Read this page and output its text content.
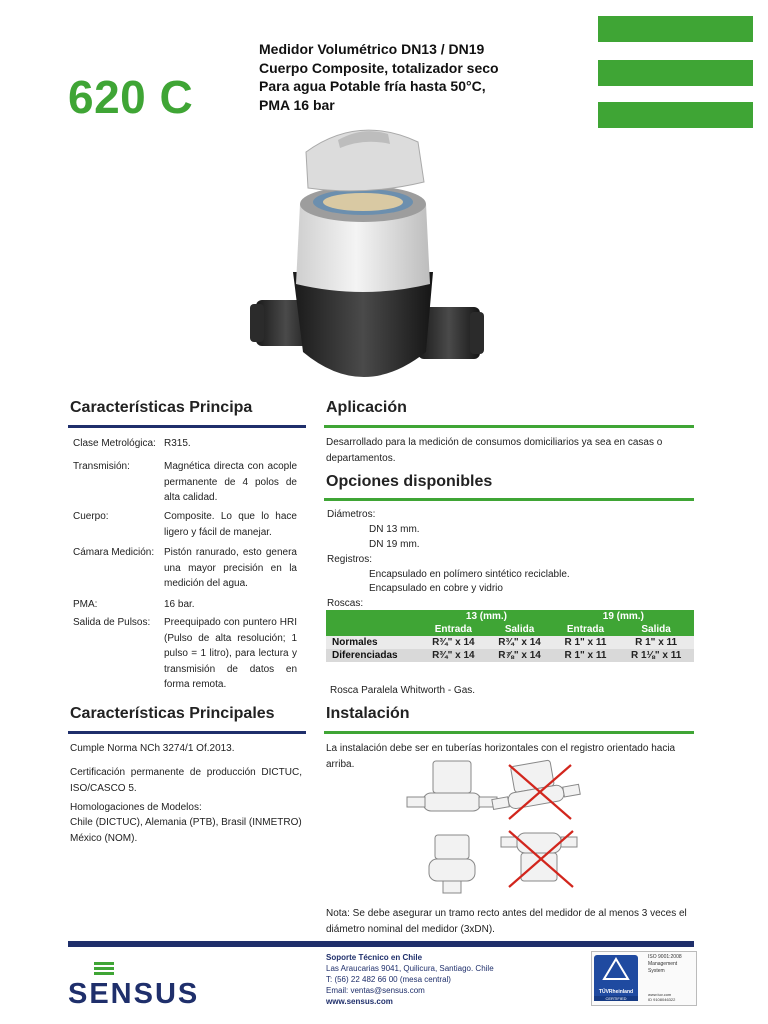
620 C
Medidor Volumétrico DN13 / DN19
Cuerpo Composite, totalizador seco
Para agua Potable fría hasta 50°C,
PMA 16 bar
Características Principa
Clase Metrológica: R315.
Transmisión:	Magnética directa con acople permanente de 4 polos de alta calidad.
Cuerpo:	Composite. Lo que lo hace ligero y fácil de manejar.
Cámara Medición: Pistón ranurado, esto genera una mayor precisión en la medición del agua.
PMA:	16 bar.
Salida de Pulsos: Preequipado con puntero HRI (Pulso de alta resolución; 1 pulso = 1 litro), para lectura y transmisión de datos en forma remota.
Características Principales
Cumple Norma NCh 3274/1 Of.2013.
Certificación permanente de producción DICTUC, ISO/CASCO 5.
Homologaciones de Modelos:
Chile (DICTUC), Alemania (PTB), Brasil (INMETRO) México (NOM).
Aplicación
Desarrollado para la medición de consumos domiciliarios ya sea en casas o departamentos.
Opciones disponibles
Diámetros:
DN 13 mm.
DN 19 mm.
Registros:
Encapsulado en polímero sintético reciclable.
Encapsulado en cobre y vidrio
Roscas:
	13 (mm.)		19 (mm.)	
	Entrada	Salida	Entrada	Salida
Normales	R¾" x 14	R¾" x 14	R 1" x 11	R 1" x 11
Diferenciadas	R¾" x 14	R⅞" x 14	R 1" x 11	R 1⅛" x 11
Rosca Paralela Whitworth - Gas.
Instalación
La instalación debe ser en tuberías horizontales con el registro orientado hacia arriba.
Nota: Se debe asegurar un tramo recto antes del medidor de al menos 3 veces el diámetro nominal del medidor (3xDN).
SENSUS
Soporte Técnico en Chile
Las Araucarias 9041, Quilicura, Santiago. Chile
T: (56) 22 482 66 00 (mesa central)
Email: ventas@sensus.com
www.sensus.com
TÜVRheinland
CERTIFIED
ISO 9001:2008
Management
System
www.tuv.com
ID 9108046322
